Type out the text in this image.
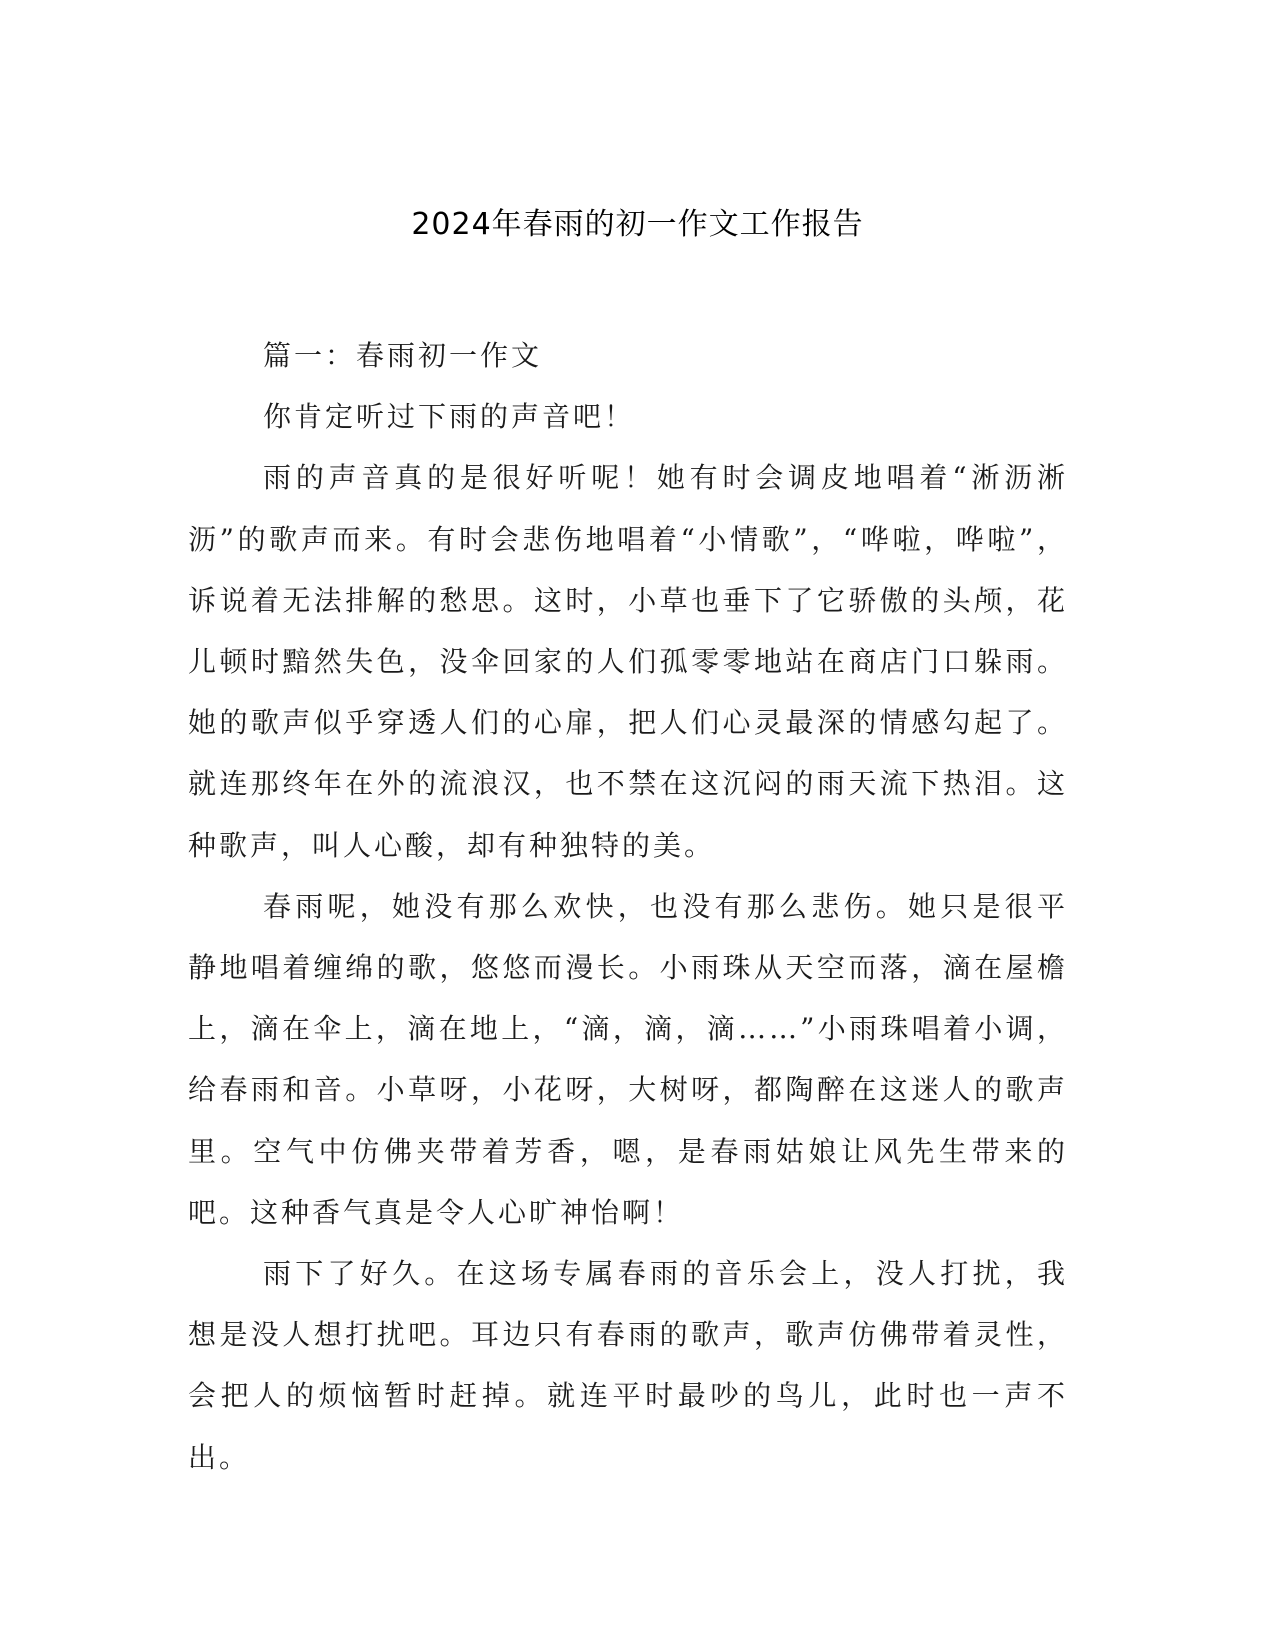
2024年春雨的初一作文工作报告

篇一：春雨初一作文

你肯定听过下雨的声音吧！

雨的声音真的是很好听呢！她有时会调皮地唱着“淅沥淅沥”的歌声而来。有时会悲伤地唱着“小情歌”，“哗啦，哗啦”，诉说着无法排解的愁思。这时，小草也垂下了它骄傲的头颅，花儿顿时黯然失色，没伞回家的人们孤零零地站在商店门口躲雨。她的歌声似乎穿透人们的心扉，把人们心灵最深的情感勾起了。就连那终年在外的流浪汉，也不禁在这沉闷的雨天流下热泪。这种歌声，叫人心酸，却有种独特的美。

春雨呢，她没有那么欢快，也没有那么悲伤。她只是很平静地唱着缠绵的歌，悠悠而漫长。小雨珠从天空而落，滴在屋檐上，滴在伞上，滴在地上，“滴，滴，滴……”小雨珠唱着小调，给春雨和音。小草呀，小花呀，大树呀，都陶醉在这迷人的歌声里。空气中仿佛夹带着芳香，嗯，是春雨姑娘让风先生带来的吧。这种香气真是令人心旷神怡啊！

雨下了好久。在这场专属春雨的音乐会上，没人打扰，我想是没人想打扰吧。耳边只有春雨的歌声，歌声仿佛带着灵性，会把人的烦恼暂时赶掉。就连平时最吵的鸟儿，此时也一声不出。
